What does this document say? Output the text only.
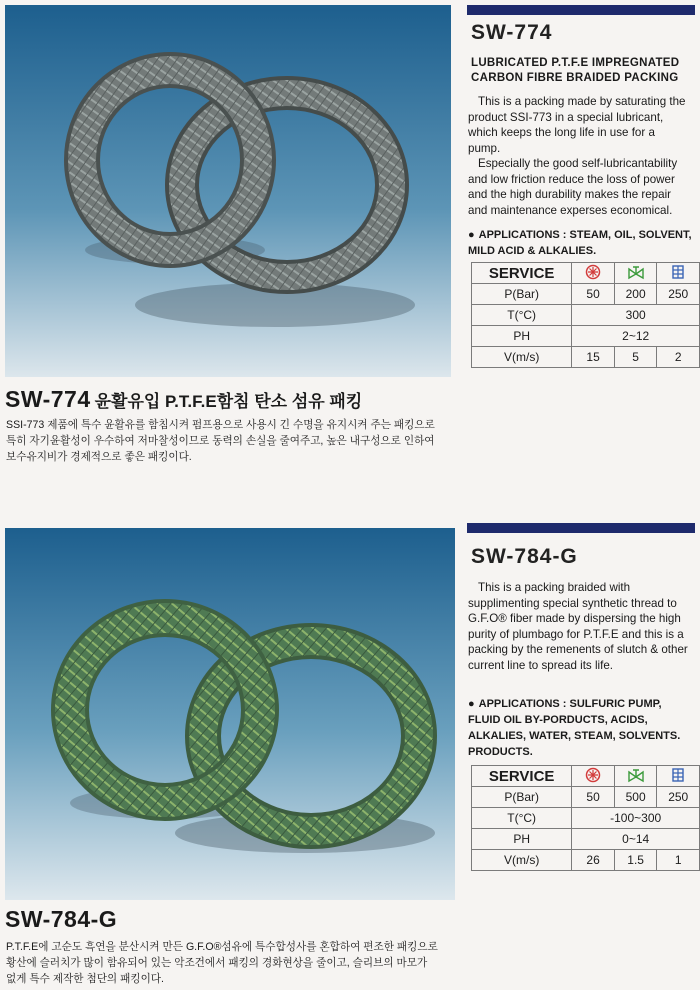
SW-774
LUBRICATED P.T.F.E IMPREGNATED
CARBON FIBRE BRAIDED PACKING
This is a packing made by saturating the product SSI-773 in a special lubricant, which keeps the long life in use for a pump.
Especially the good self-lubricantability and low friction reduce the loss of power and the high durability makes the repair and maintenance experses economical.
● APPLICATIONS : STEAM, OIL, SOLVENT, MILD ACID & ALKALIES.
SERVICE			
P(Bar)	50	200	250
T(°C)	300		
PH	2~12		
V(m/s)	15	5	2
SW-774 윤활유입 P.T.F.E함침 탄소 섬유 패킹
SSI-773 제품에 특수 윤활유를 함침시켜 펌프용으로 사용시 긴 수명을 유지시켜 주는 패킹으로
특히 자기윤활성이 우수하여 저마찰성이므로 동력의 손실을 줄여주고, 높은 내구성으로 인하여
보수유지비가 경제적으로 좋은 패킹이다.
SW-784-G
This is a packing braided with supplimenting special synthetic thread to G.F.O® fiber made by dispersing the high purity of plumbago for P.T.F.E and this is a packing by the remenents of slutch & other current line to spread its life.
● APPLICATIONS : SULFURIC PUMP, FLUID OIL BY-PORDUCTS, ACIDS, ALKALIES, WATER, STEAM, SOLVENTS. PRODUCTS.
SERVICE			
P(Bar)	50	500	250
T(°C)	-100~300		
PH	0~14		
V(m/s)	26	1.5	1
SW-784-G
P.T.F.E에 고순도 흑연을 분산시켜 만든 G.F.O®섬유에 특수합성사를 혼합하여 편조한 패킹으로
황산에 슬러치가 많이 함유되어 있는 악조건에서 패킹의 경화현상을 줄이고, 슬리브의 마모가
없게 특수 제작한 첨단의 패킹이다.
